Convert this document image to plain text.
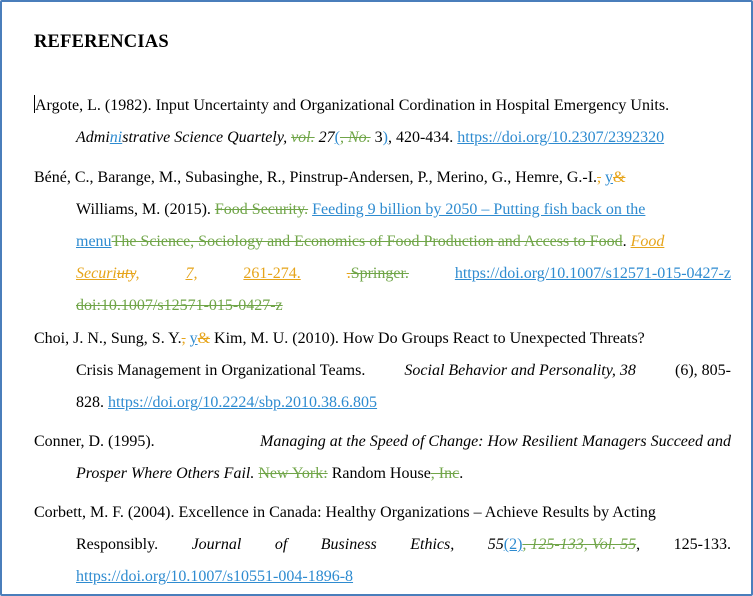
REFERENCIAS
Argote, L. (1982). Input Uncertainty and Organizational Cordination in Hospital Emergency Units.
Administrative Science Quartely, vol. 27(, No. 3), 420-434. https://doi.org/10.2307/2392320
Béné, C., Barange, M., Subasinghe, R., Pinstrup-Andersen, P., Merino, G., Hemre, G.-I., y&
Williams, M. (2015). Food Security. Feeding 9 billion by 2050 – Putting fish back on the
menuThe Science, Sociology and Economics of Food Production and Access to Food. Food
Securiuty,	7,	261-274.	.Springer.	https://doi.org/10.1007/s12571-015-0427-z
doi:10.1007/s12571-015-0427-z
Choi, J. N., Sung, S. Y., y& Kim, M. U. (2010). How Do Groups React to Unexpected Threats?
Crisis Management in Organizational Teams. Social Behavior and Personality, 38 (6), 805-
828. https://doi.org/10.2224/sbp.2010.38.6.805
Conner, D. (1995).	Managing at the Speed of Change: How Resilient Managers Succeed and
Prosper Where Others Fail. New York: Random House, Inc.
Corbett, M. F. (2004). Excellence in Canada: Healthy Organizations – Achieve Results by Acting
Responsibly. Journal of Business Ethics, 55(2), 125-133, Vol. 55, 125-133.
https://doi.org/10.1007/s10551-004-1896-8
